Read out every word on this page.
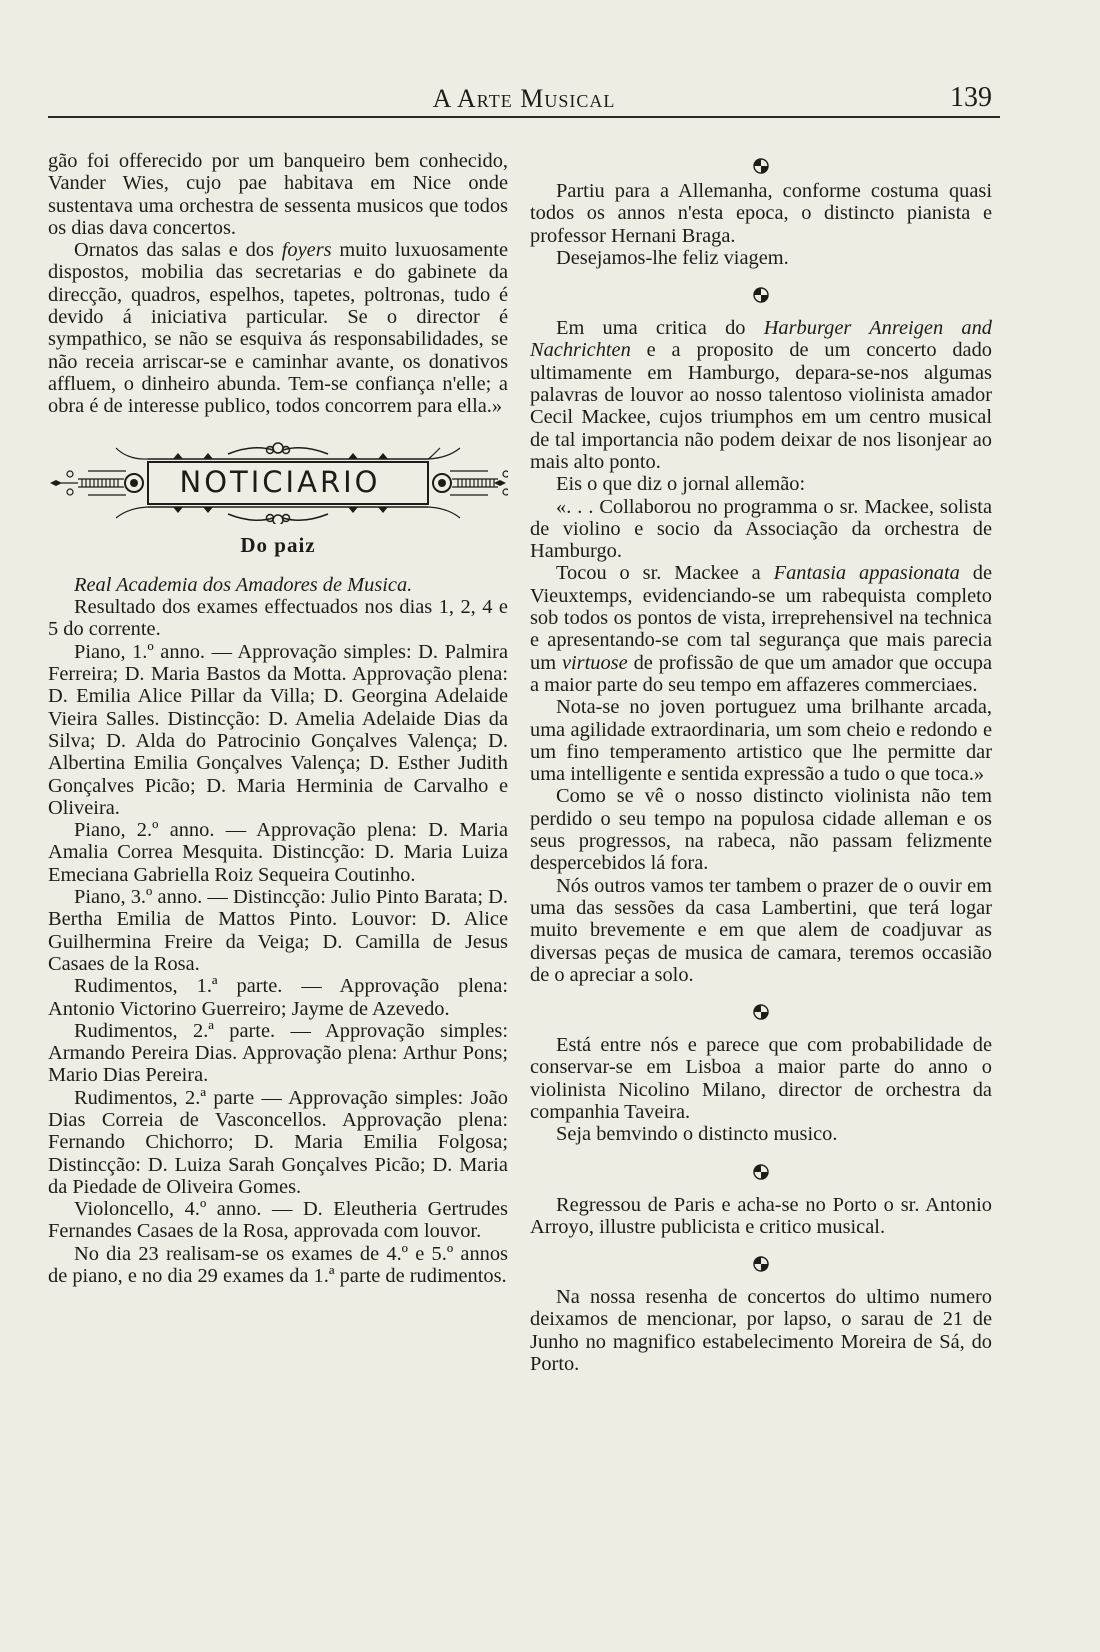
A Arte Musical	139

gão foi offerecido por um banqueiro bem conhecido, Vander Wies, cujo pae habitava em Nice onde sustentava uma orchestra de sessenta musicos que todos os dias dava concertos.

Ornatos das salas e dos foyers muito luxuosamente dispostos, mobilia das secretarias e do gabinete da direcção, quadros, espelhos, tapetes, poltronas, tudo é devido á iniciativa particular. Se o director é sympathico, se não se esquiva ás responsabilidades, se não receia arriscar-se e caminhar avante, os donativos affluem, o dinheiro abunda. Tem-se confiança n'elle; a obra é de interesse publico, todos concorrem para ella.»

NOTICIARIO
Do paiz

Real Academia dos Amadores de Musica.

Resultado dos exames effectuados nos dias 1, 2, 4 e 5 do corrente.

Piano, 1.º anno. — Approvação simples: D. Palmira Ferreira; D. Maria Bastos da Motta. Approvação plena: D. Emilia Alice Pillar da Villa; D. Georgina Adelaide Vieira Salles. Distincção: D. Amelia Adelaide Dias da Silva; D. Alda do Patrocinio Gonçalves Valença; D. Albertina Emilia Gonçalves Valença; D. Esther Judith Gonçalves Picão; D. Maria Herminia de Carvalho e Oliveira.

Piano, 2.º anno. — Approvação plena: D. Maria Amalia Correa Mesquita. Distincção: D. Maria Luiza Emeciana Gabriella Roiz Sequeira Coutinho.

Piano, 3.º anno. — Distincção: Julio Pinto Barata; D. Bertha Emilia de Mattos Pinto. Louvor: D. Alice Guilhermina Freire da Veiga; D. Camilla de Jesus Casaes de la Rosa.

Rudimentos, 1.ª parte. — Approvação plena: Antonio Victorino Guerreiro; Jayme de Azevedo.

Rudimentos, 2.ª parte. — Approvação simples: Armando Pereira Dias. Approvação plena: Arthur Pons; Mario Dias Pereira.

Rudimentos, 2.ª parte — Approvação simples: João Dias Correia de Vasconcellos. Approvação plena: Fernando Chichorro; D. Maria Emilia Folgosa; Distincção: D. Luiza Sarah Gonçalves Picão; D. Maria da Piedade de Oliveira Gomes.

Violoncello, 4.º anno. — D. Eleutheria Gertrudes Fernandes Casaes de la Rosa, approvada com louvor.

No dia 23 realisam-se os exames de 4.º e 5.º annos de piano, e no dia 29 exames da 1.ª parte de rudimentos.

Partiu para a Allemanha, conforme costuma quasi todos os annos n'esta epoca, o distincto pianista e professor Hernani Braga.

Desejamos-lhe feliz viagem.

Em uma critica do Harburger Anreigen and Nachrichten e a proposito de um concerto dado ultimamente em Hamburgo, depara-se-nos algumas palavras de louvor ao nosso talentoso violinista amador Cecil Mackee, cujos triumphos em um centro musical de tal importancia não podem deixar de nos lisonjear ao mais alto ponto.

Eis o que diz o jornal allemão:

«. . . Collaborou no programma o sr. Mackee, solista de violino e socio da Associação da orchestra de Hamburgo.

Tocou o sr. Mackee a Fantasia appasionata de Vieuxtemps, evidenciando-se um rabequista completo sob todos os pontos de vista, irreprehensivel na technica e apresentando-se com tal segurança que mais parecia um virtuose de profissão de que um amador que occupa a maior parte do seu tempo em affazeres commerciaes.

Nota-se no joven portuguez uma brilhante arcada, uma agilidade extraordinaria, um som cheio e redondo e um fino temperamento artistico que lhe permitte dar uma intelligente e sentida expressão a tudo o que toca.»

Como se vê o nosso distincto violinista não tem perdido o seu tempo na populosa cidade alleman e os seus progressos, na rabeca, não passam felizmente despercebidos lá fora.

Nós outros vamos ter tambem o prazer de o ouvir em uma das sessões da casa Lambertini, que terá logar muito brevemente e em que alem de coadjuvar as diversas peças de musica de camara, teremos occasião de o apreciar a solo.

Está entre nós e parece que com probabilidade de conservar-se em Lisboa a maior parte do anno o violinista Nicolino Milano, director de orchestra da companhia Taveira.

Seja bemvindo o distincto musico.

Regressou de Paris e acha-se no Porto o sr. Antonio Arroyo, illustre publicista e critico musical.

Na nossa resenha de concertos do ultimo numero deixamos de mencionar, por lapso, o sarau de 21 de Junho no magnifico estabelecimento Moreira de Sá, do Porto.
